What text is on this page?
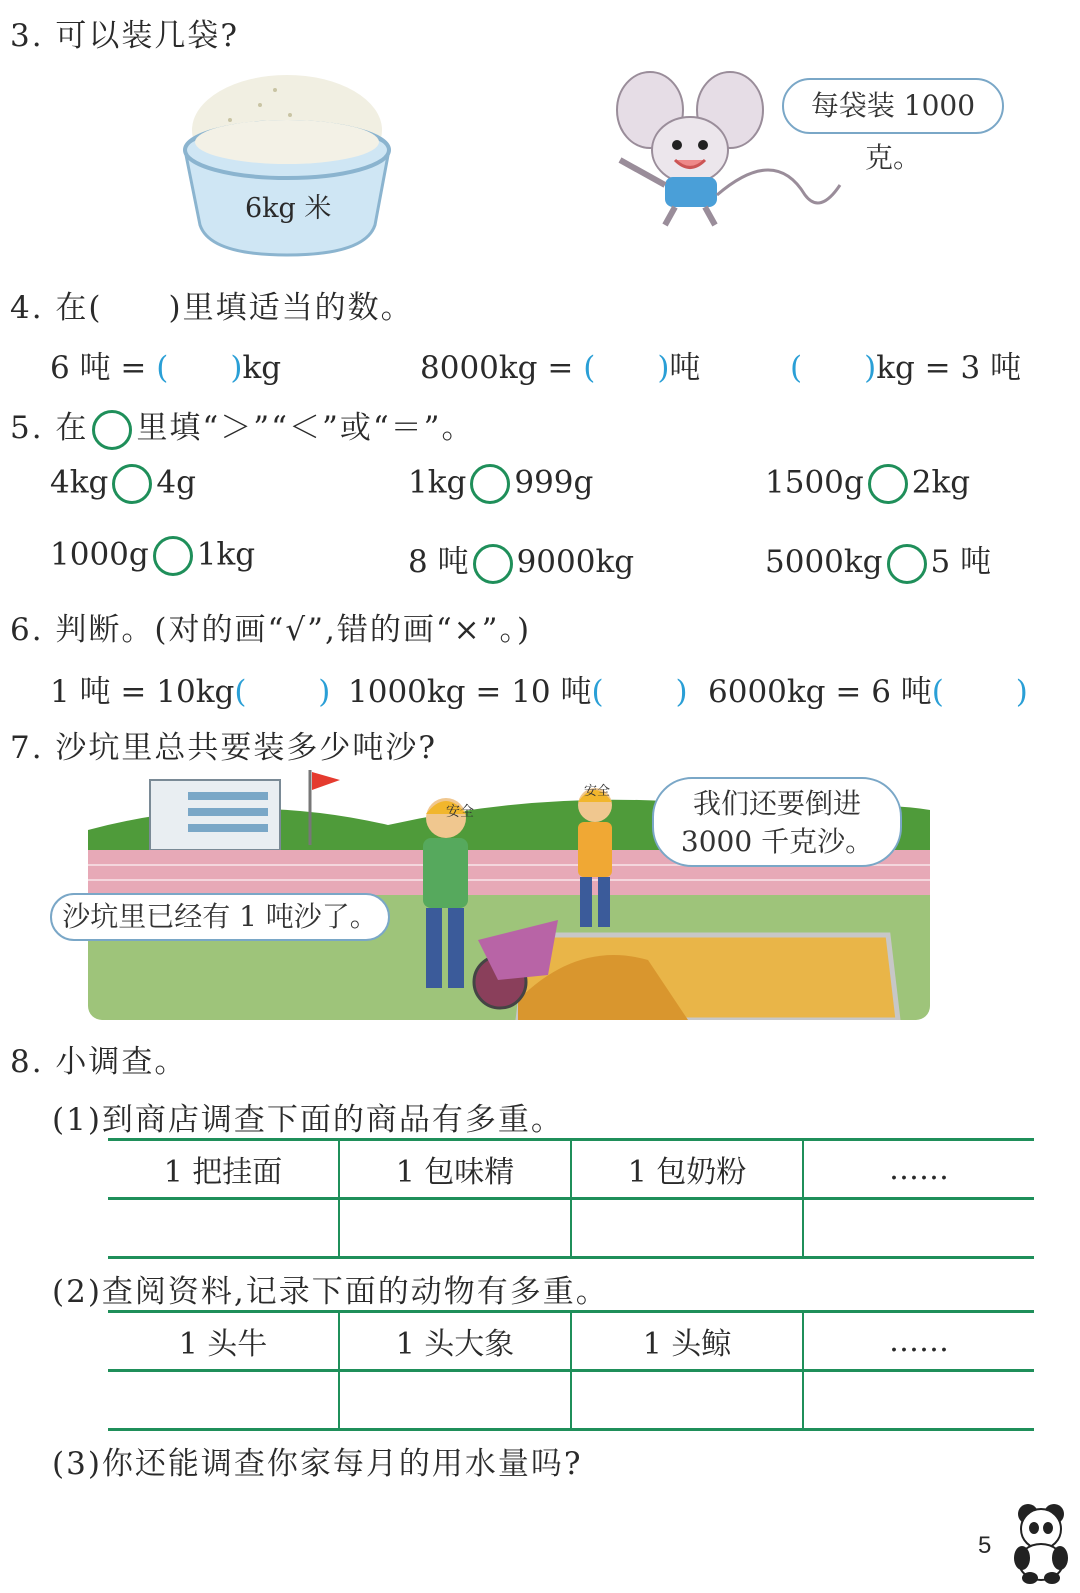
3. 可以装几袋?
6kg 米
每袋装 1000 克。
4. 在(　　)里填适当的数。
6 吨 = (  )kg	8000kg = (  )吨	(  )kg = 3 吨
5. 在 里填“＞”“＜”或“＝”。
4kg 4g	1kg 999g	1500g 2kg
1000g 1kg	8 吨 9000kg	5000kg 5 吨
6. 判断。(对的画“√”,错的画“×”。)
1 吨 = 10kg(   ) 1000kg = 10 吨(   ) 6000kg = 6 吨(   )
7. 沙坑里总共要装多少吨沙?
安全
安全	我们还要倒进
3000 千克沙。
沙坑里已经有 1 吨沙了。
8. 小调查。
(1)到商店调查下面的商品有多重。
1 把挂面	1 包味精	1 包奶粉	……

(2)查阅资料,记录下面的动物有多重。
1 头牛	1 头大象	1 头鲸	……

(3)你还能调查你家每月的用水量吗?
5
